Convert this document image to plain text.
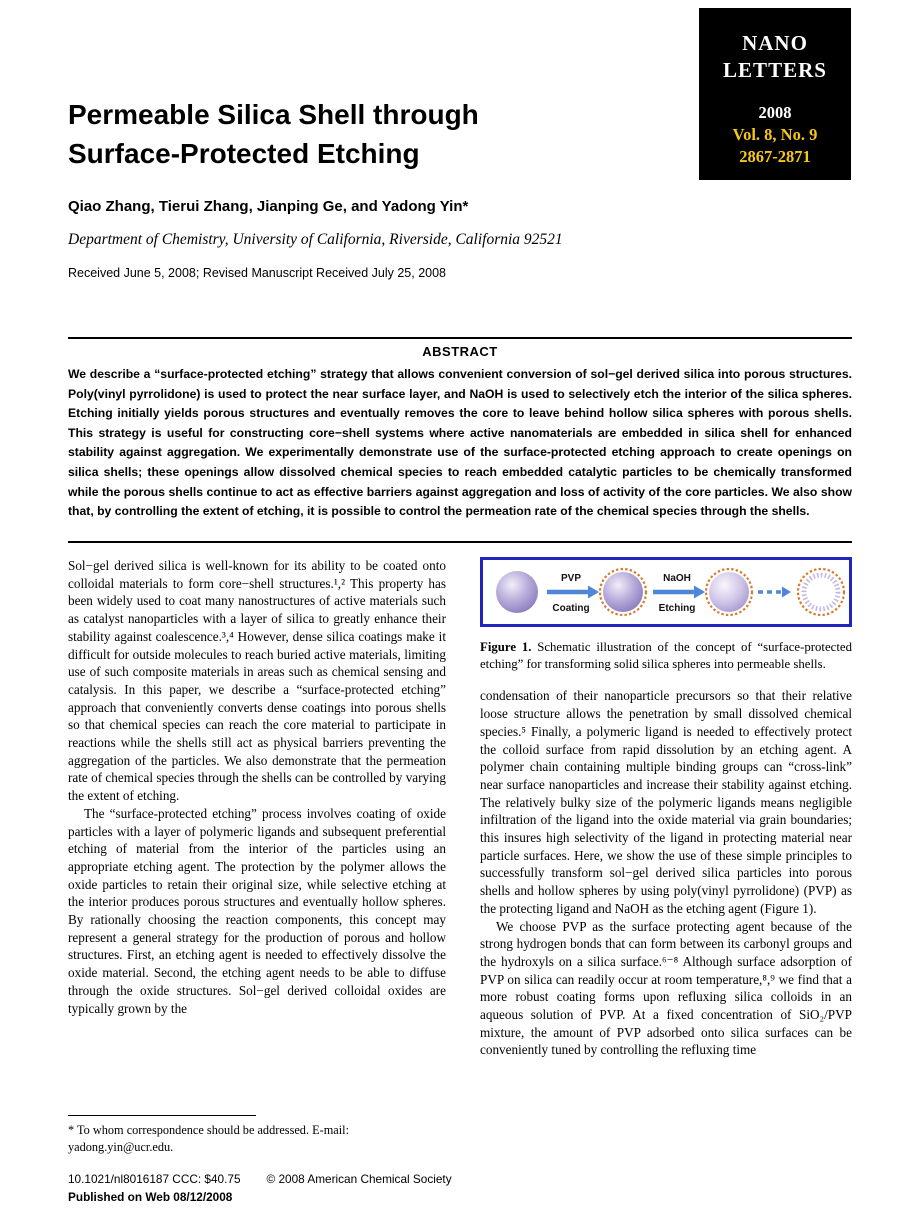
NANO
LETTERS
2008
Vol. 8, No. 9
2867-2871
Permeable Silica Shell through
Surface-Protected Etching
Qiao Zhang, Tierui Zhang, Jianping Ge, and Yadong Yin*
Department of Chemistry, University of California, Riverside, California 92521
Received June 5, 2008; Revised Manuscript Received July 25, 2008
ABSTRACT
We describe a “surface-protected etching” strategy that allows convenient conversion of sol−gel derived silica into porous structures. Poly(vinyl pyrrolidone) is used to protect the near surface layer, and NaOH is used to selectively etch the interior of the silica spheres. Etching initially yields porous structures and eventually removes the core to leave behind hollow silica spheres with porous shells. This strategy is useful for constructing core−shell systems where active nanomaterials are embedded in silica shell for enhanced stability against aggregation. We experimentally demonstrate use of the surface-protected etching approach to create openings on silica shells; these openings allow dissolved chemical species to reach embedded catalytic particles to be chemically transformed while the porous shells continue to act as effective barriers against aggregation and loss of activity of the core particles. We also show that, by controlling the extent of etching, it is possible to control the permeation rate of the chemical species through the shells.

Sol−gel derived silica is well-known for its ability to be coated onto colloidal materials to form core−shell structures.¹,² This property has been widely used to coat many nanostructures of active materials such as catalyst nanoparticles with a layer of silica to greatly enhance their stability against coalescence.³,⁴ However, dense silica coatings make it difficult for outside molecules to reach buried active materials, limiting use of such composite materials in areas such as chemical sensing and catalysis. In this paper, we describe a “surface-protected etching” approach that conveniently converts dense coatings into porous shells so that chemical species can reach the core material to participate in reactions while the shells still act as physical barriers preventing the aggregation of the particles. We also demonstrate that the permeation rate of chemical species through the shells can be controlled by varying the extent of etching.

The “surface-protected etching” process involves coating of oxide particles with a layer of polymeric ligands and subsequent preferential etching of material from the interior of the particles using an appropriate etching agent. The protection by the polymer allows the oxide particles to retain their original size, while selective etching at the interior produces porous structures and eventually hollow spheres. By rationally choosing the reaction components, this concept may represent a general strategy for the production of porous and hollow structures. First, an etching agent is needed to effectively dissolve the oxide material. Second, the etching agent needs to be able to diffuse through the oxide structures. Sol−gel derived colloidal oxides are typically grown by the

PVP
Coating
NaOH
Etching
Figure 1. Schematic illustration of the concept of “surface-protected etching” for transforming solid silica spheres into permeable shells.

condensation of their nanoparticle precursors so that their relative loose structure allows the penetration by small dissolved chemical species.⁵ Finally, a polymeric ligand is needed to effectively protect the colloid surface from rapid dissolution by an etching agent. A polymer chain containing multiple binding groups can “cross-link” near surface nanoparticles and increase their stability against etching. The relatively bulky size of the polymeric ligands means negligible infiltration of the ligand into the oxide material via grain boundaries; this insures high selectivity of the ligand in protecting material near particle surfaces. Here, we show the use of these simple principles to successfully transform sol−gel derived silica particles into porous shells and hollow spheres by using poly(vinyl pyrrolidone) (PVP) as the protecting ligand and NaOH as the etching agent (Figure 1).

We choose PVP as the surface protecting agent because of the strong hydrogen bonds that can form between its carbonyl groups and the hydroxyls on a silica surface.⁶⁻⁸ Although surface adsorption of PVP on silica can readily occur at room temperature,⁸,⁹ we find that a more robust coating forms upon refluxing silica colloids in an aqueous solution of PVP. At a fixed concentration of SiO₂/PVP mixture, the amount of PVP adsorbed onto silica surfaces can be conveniently tuned by controlling the refluxing time

* To whom correspondence should be addressed. E-mail: yadong.yin@ucr.edu.
10.1021/nl8016187 CCC: $40.75 © 2008 American Chemical Society
Published on Web 08/12/2008
